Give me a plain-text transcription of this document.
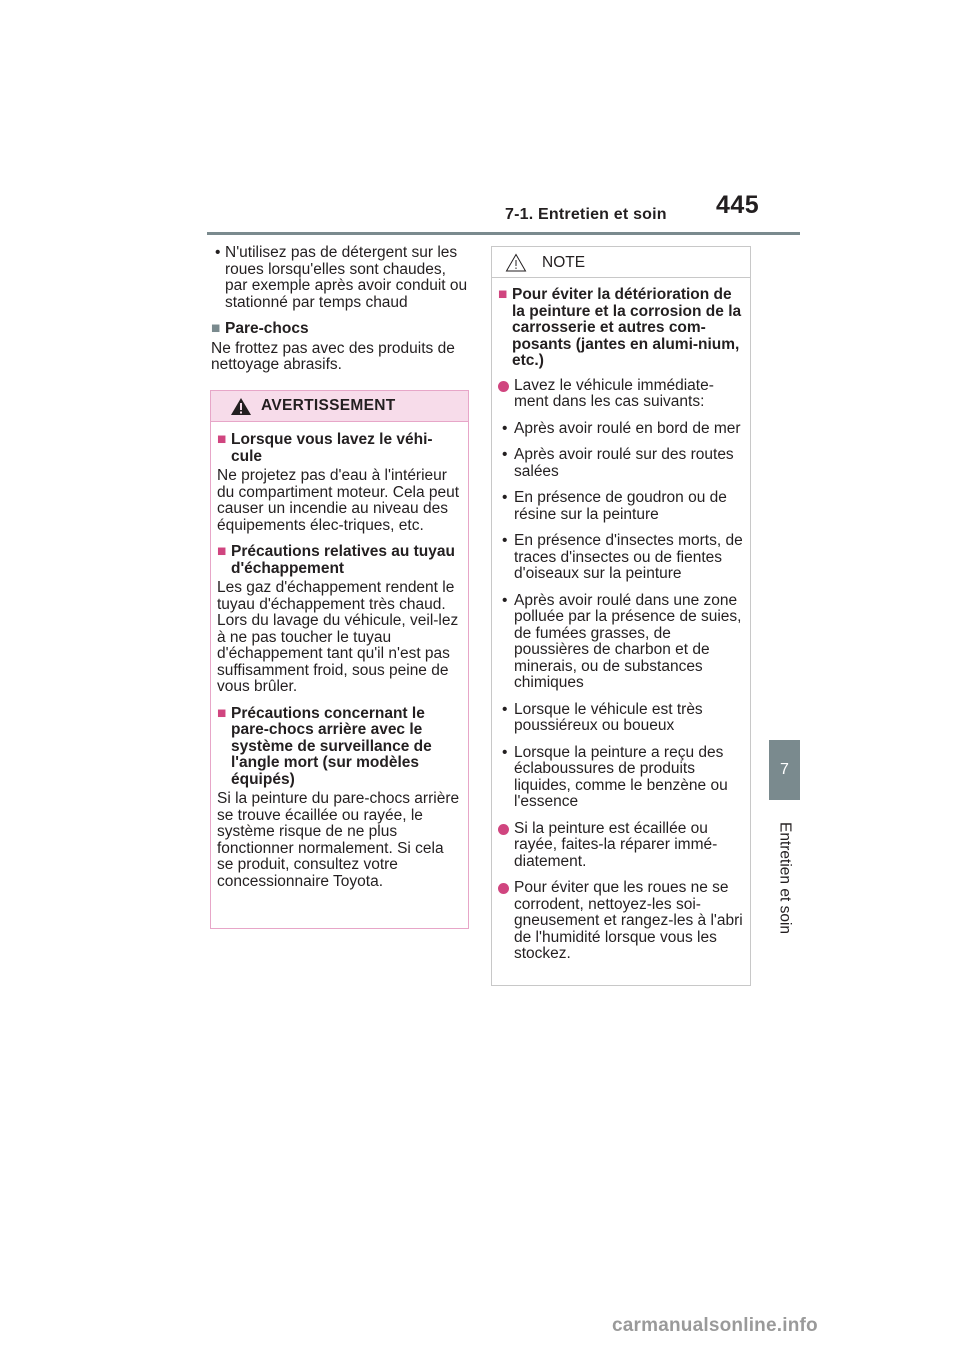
7-1. Entretien et soin 445
7
Entretien et soin
• N'utilisez pas de détergent sur les roues lorsqu'elles sont chaudes, par exemple après avoir conduit ou stationné par temps chaud
■ Pare-chocs

Ne frottez pas avec des produits de nettoyage abrasifs.

AVERTISSEMENT
■ Lorsque vous lavez le véhi-cule

Ne projetez pas d'eau à l'intérieur du compartiment moteur. Cela peut causer un incendie au niveau des équipements élec-triques, etc.

■ Précautions relatives au tuyau d'échappement

Les gaz d'échappement rendent le tuyau d'échappement très chaud.

Lors du lavage du véhicule, veil-lez à ne pas toucher le tuyau d'échappement tant qu'il n'est pas suffisamment froid, sous peine de vous brûler.

■ Précautions concernant le pare-chocs arrière avec le système de surveillance de l'angle mort (sur modèles équipés)

Si la peinture du pare-chocs arrière se trouve écaillée ou rayée, le système risque de ne plus fonctionner normalement. Si cela se produit, consultez votre concessionnaire Toyota.

NOTE
■ Pour éviter la détérioration de la peinture et la corrosion de la carrosserie et autres com-posants (jantes en alumi-nium, etc.)
Lavez le véhicule immédiate-ment dans les cas suivants:
• Après avoir roulé en bord de mer
• Après avoir roulé sur des routes salées
• En présence de goudron ou de résine sur la peinture
• En présence d'insectes morts, de traces d'insectes ou de fientes d'oiseaux sur la peinture
• Après avoir roulé dans une zone polluée par la présence de suies, de fumées grasses, de poussières de charbon et de minerais, ou de substances chimiques
• Lorsque le véhicule est très poussiéreux ou boueux
• Lorsque la peinture a reçu des éclaboussures de produits liquides, comme le benzène ou l'essence
Si la peinture est écaillée ou rayée, faites-la réparer immé-diatement.
Pour éviter que les roues ne se corrodent, nettoyez-les soi-gneusement et rangez-les à l'abri de l'humidité lorsque vous les stockez.
carmanualsonline.info
